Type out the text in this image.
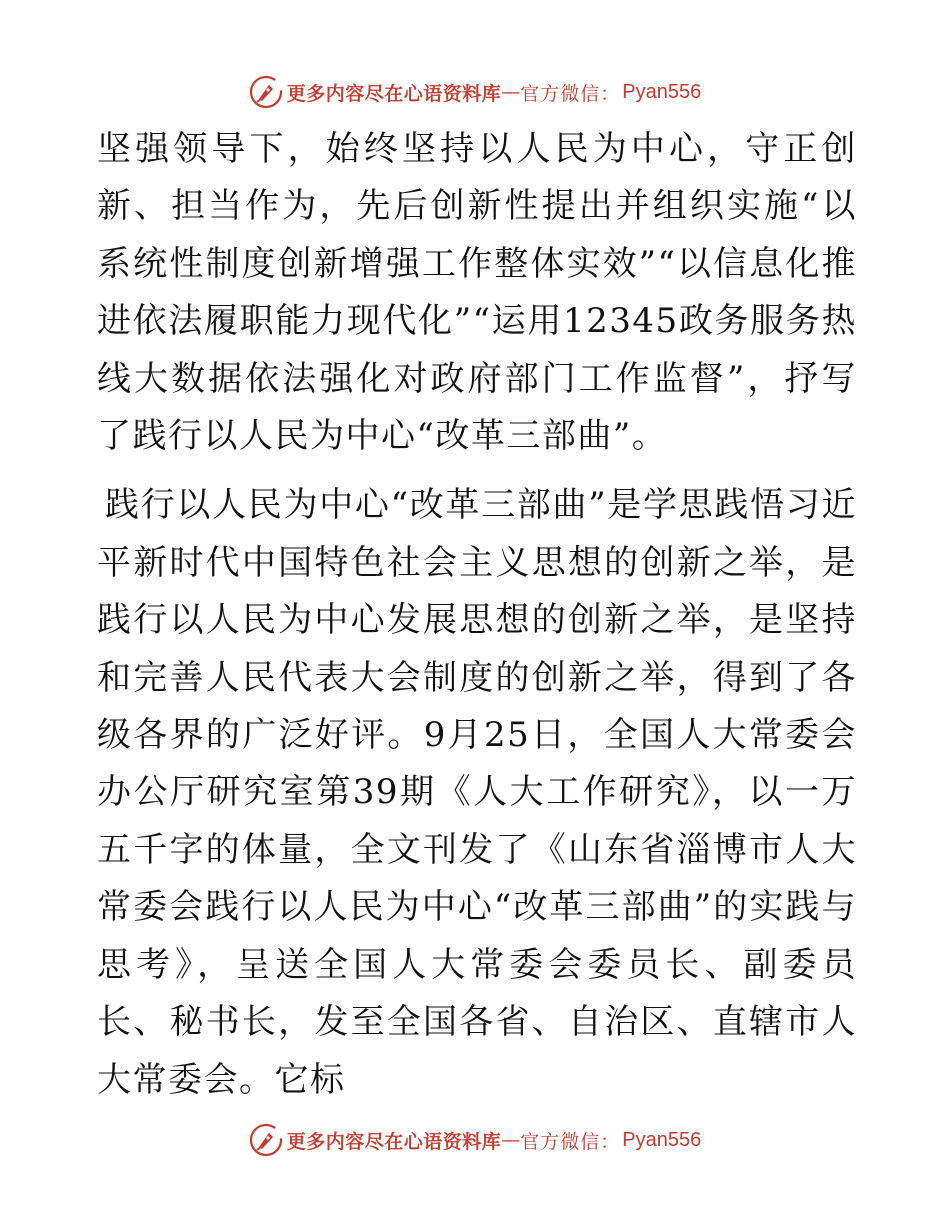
更多内容尽在心语资料库 — 官方微信： Pyan556

坚强领导下，始终坚持以人民为中心，守正创新、担当作为，先后创新性提出并组织实施“以系统性制度创新增强工作整体实效”“以信息化推进依法履职能力现代化”“运用12345政务服务热线大数据依法强化对政府部门工作监督”，抒写了践行以人民为中心“改革三部曲”。

践行以人民为中心“改革三部曲”是学思践悟习近平新时代中国特色社会主义思想的创新之举，是践行以人民为中心发展思想的创新之举，是坚持和完善人民代表大会制度的创新之举，得到了各级各界的广泛好评。9月25日，全国人大常委会办公厅研究室第39期《人大工作研究》，以一万五千字的体量，全文刊发了《山东省淄博市人大常委会践行以人民为中心“改革三部曲”的实践与思考》，呈送全国人大常委会委员长、副委员长、秘书长，发至全国各省、自治区、直辖市人大常委会。它标

更多内容尽在心语资料库 — 官方微信： Pyan556
